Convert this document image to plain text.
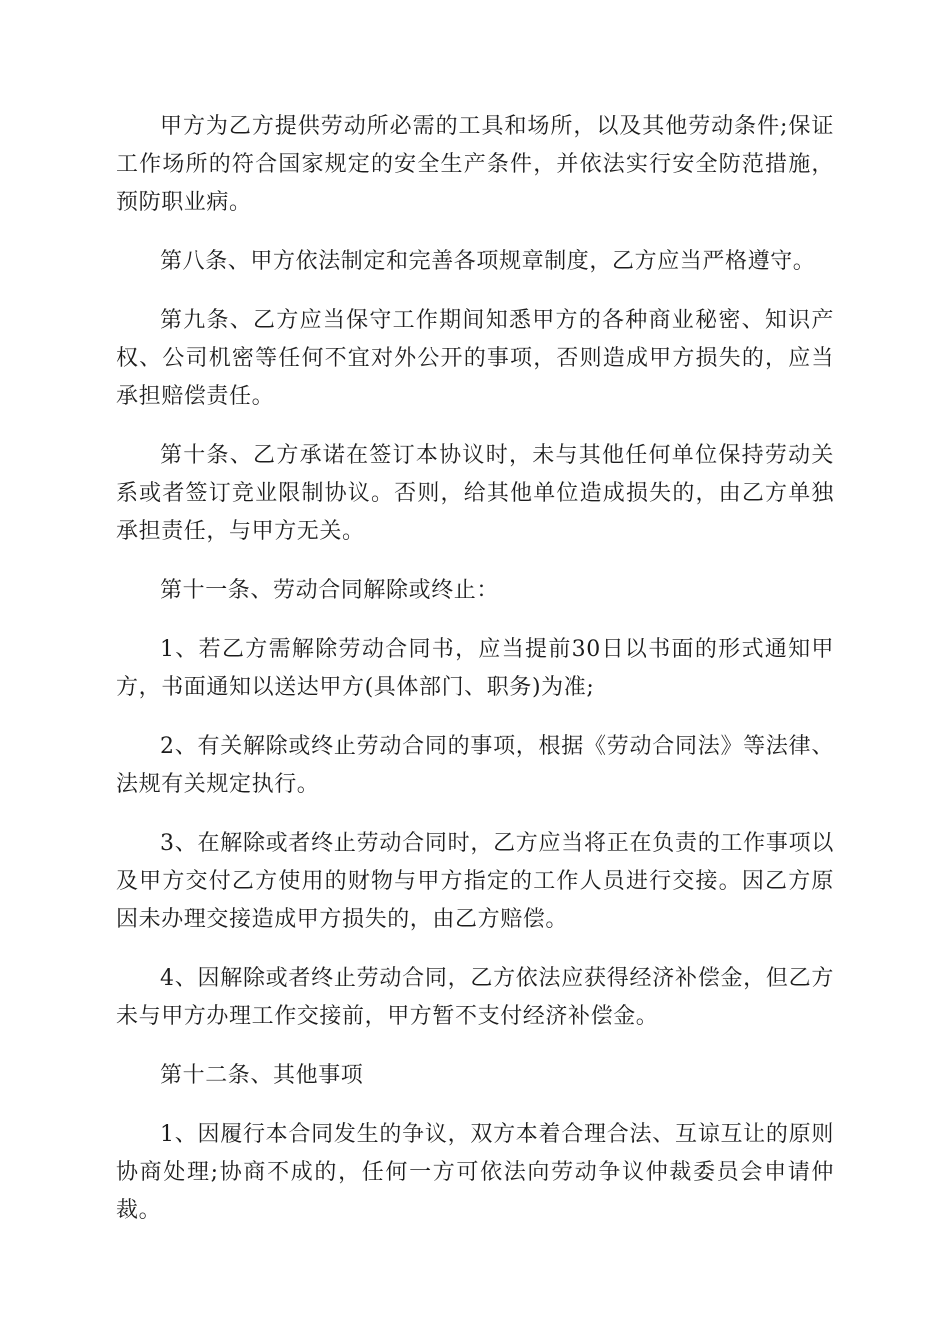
甲方为乙方提供劳动所必需的工具和场所，以及其他劳动条件;保证工作场所的符合国家规定的安全生产条件，并依法实行安全防范措施，预防职业病。

第八条、甲方依法制定和完善各项规章制度，乙方应当严格遵守。

第九条、乙方应当保守工作期间知悉甲方的各种商业秘密、知识产权、公司机密等任何不宜对外公开的事项，否则造成甲方损失的，应当承担赔偿责任。

第十条、乙方承诺在签订本协议时，未与其他任何单位保持劳动关系或者签订竞业限制协议。否则，给其他单位造成损失的，由乙方单独承担责任，与甲方无关。

第十一条、劳动合同解除或终止：

1、若乙方需解除劳动合同书，应当提前30日以书面的形式通知甲方，书面通知以送达甲方(具体部门、职务)为准;

2、有关解除或终止劳动合同的事项，根据《劳动合同法》等法律、法规有关规定执行。

3、在解除或者终止劳动合同时，乙方应当将正在负责的工作事项以及甲方交付乙方使用的财物与甲方指定的工作人员进行交接。因乙方原因未办理交接造成甲方损失的，由乙方赔偿。

4、因解除或者终止劳动合同，乙方依法应获得经济补偿金，但乙方未与甲方办理工作交接前，甲方暂不支付经济补偿金。

第十二条、其他事项

1、因履行本合同发生的争议，双方本着合理合法、互谅互让的原则协商处理;协商不成的，任何一方可依法向劳动争议仲裁委员会申请仲裁。
